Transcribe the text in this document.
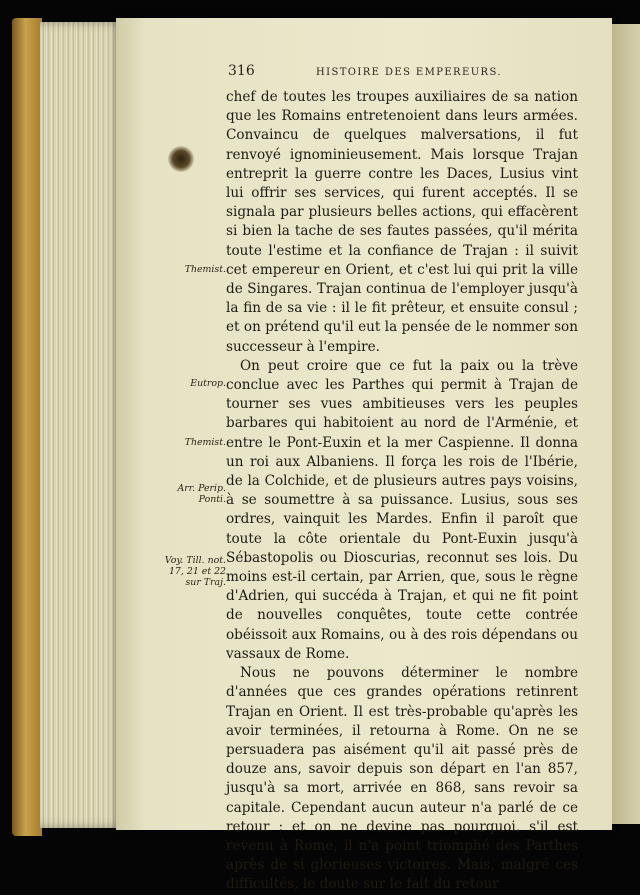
316	HISTOIRE DES EMPEREURS.

chef de toutes les troupes auxiliaires de sa nation que les Romains entretenoient dans leurs armées. Convaincu de quelques malversations, il fut renvoyé ignominieusement. Mais lorsque Trajan entreprit la guerre contre les Daces, Lusius vint lui offrir ses services, qui furent acceptés. Il se signala par plusieurs belles actions, qui effacèrent si bien la tache de ses fautes passées, qu'il mérita toute l'estime et la confiance de Trajan : il suivit cet empereur en Orient, et c'est lui qui prit la ville de Singares. Trajan continua de l'employer jusqu'à la fin de sa vie : il le fit prêteur, et ensuite consul ; et on prétend qu'il eut la pensée de le nommer son successeur à l'empire.

On peut croire que ce fut la paix ou la trève conclue avec les Parthes qui permit à Trajan de tourner ses vues ambitieuses vers les peuples barbares qui habitoient au nord de l'Arménie, et entre le Pont-Euxin et la mer Caspienne. Il donna un roi aux Albaniens. Il força les rois de l'Ibérie, de la Colchide, et de plusieurs autres pays voisins, à se soumettre à sa puissance. Lusius, sous ses ordres, vainquit les Mardes. Enfin il paroît que toute la côte orientale du Pont-Euxin jusqu'à Sébastopolis ou Dioscurias, reconnut ses lois. Du moins est-il certain, par Arrien, que, sous le règne d'Adrien, qui succéda à Trajan, et qui ne fit point de nouvelles conquêtes, toute cette contrée obéissoit aux Romains, ou à des rois dépendans ou vassaux de Rome.

Nous ne pouvons déterminer le nombre d'années que ces grandes opérations retinrent Trajan en Orient. Il est très-probable qu'après les avoir terminées, il retourna à Rome. On ne se persuadera pas aisément qu'il ait passé près de douze ans, savoir depuis son départ en l'an 857, jusqu'à sa mort, arrivée en 868, sans revoir sa capitale. Cependant aucun auteur n'a parlé de ce retour ; et on ne devine pas pourquoi, s'il est revenu à Rome, il n'a point triomphé des Parthes après de si glorieuses victoires. Mais, malgré ces difficultés, le doute sur le fait du retour

Themist.
Eutrop.
Themist.
Arr. Perip. Ponti.
Voy. Till. not. 17, 21 et 22 sur Traj.
